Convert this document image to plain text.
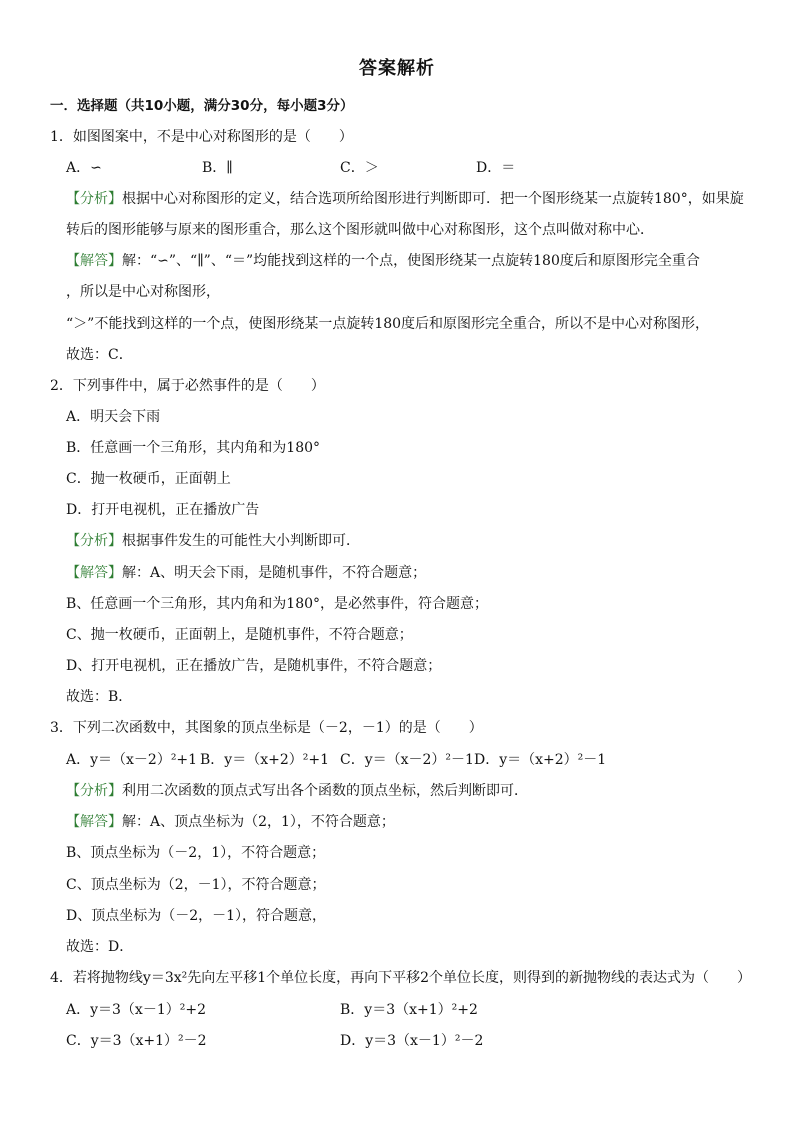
答案解析
一．选择题（共10小题，满分30分，每小题3分）
1．如图图案中，不是中心对称图形的是（　　）
A．∽	B．∥	C．＞	D．＝
【分析】根据中心对称图形的定义，结合选项所给图形进行判断即可．把一个图形绕某一点旋转180°，如果旋
转后的图形能够与原来的图形重合，那么这个图形就叫做中心对称图形，这个点叫做对称中心．
【解答】解：“∽”、“∥”、“＝”均能找到这样的一个点，使图形绕某一点旋转180度后和原图形完全重合
，所以是中心对称图形，
“＞”不能找到这样的一个点，使图形绕某一点旋转180度后和原图形完全重合，所以不是中心对称图形，
故选：C．
2．下列事件中，属于必然事件的是（　　）
A．明天会下雨
B．任意画一个三角形，其内角和为180°
C．抛一枚硬币，正面朝上
D．打开电视机，正在播放广告
【分析】根据事件发生的可能性大小判断即可．
【解答】解：A、明天会下雨，是随机事件，不符合题意；
B、任意画一个三角形，其内角和为180°，是必然事件，符合题意；
C、抛一枚硬币，正面朝上，是随机事件，不符合题意；
D、打开电视机，正在播放广告，是随机事件，不符合题意；
故选：B．
3．下列二次函数中，其图象的顶点坐标是（－2，－1）的是（　　）
A．y＝（x－2）²+1 B．y＝（x+2）²+1 C．y＝（x－2）²－1 D．y＝（x+2）²－1
【分析】利用二次函数的顶点式写出各个函数的顶点坐标，然后判断即可．
【解答】解：A、顶点坐标为（2，1），不符合题意；
B、顶点坐标为（－2，1），不符合题意；
C、顶点坐标为（2，－1），不符合题意；
D、顶点坐标为（－2，－1），符合题意，
故选：D．
4．若将抛物线y＝3x²先向左平移1个单位长度，再向下平移2个单位长度，则得到的新抛物线的表达式为（　　）
A．y＝3（x－1）²+2	B．y＝3（x+1）²+2
C．y＝3（x+1）²－2	D．y＝3（x－1）²－2
